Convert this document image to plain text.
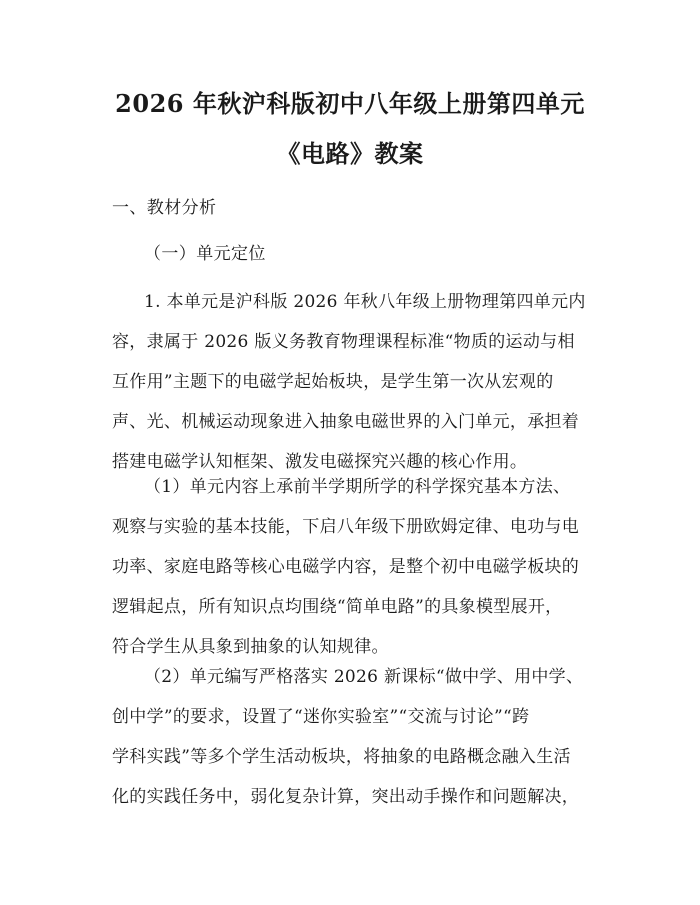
2026 年秋沪科版初中八年级上册第四单元
《电路》教案
一、教材分析
（一）单元定位
1. 本单元是沪科版 2026 年秋八年级上册物理第四单元内
容，隶属于 2026 版义务教育物理课程标准“物质的运动与相
互作用”主题下的电磁学起始板块，是学生第一次从宏观的
声、光、机械运动现象进入抽象电磁世界的入门单元，承担着
搭建电磁学认知框架、激发电磁探究兴趣的核心作用。
（1）单元内容上承前半学期所学的科学探究基本方法、
观察与实验的基本技能，下启八年级下册欧姆定律、电功与电
功率、家庭电路等核心电磁学内容，是整个初中电磁学板块的
逻辑起点，所有知识点均围绕“简单电路”的具象模型展开，
符合学生从具象到抽象的认知规律。
（2）单元编写严格落实 2026 新课标“做中学、用中学、
创中学”的要求，设置了“迷你实验室”“交流与讨论”“跨
学科实践”等多个学生活动板块，将抽象的电路概念融入生活
化的实践任务中，弱化复杂计算，突出动手操作和问题解决，
